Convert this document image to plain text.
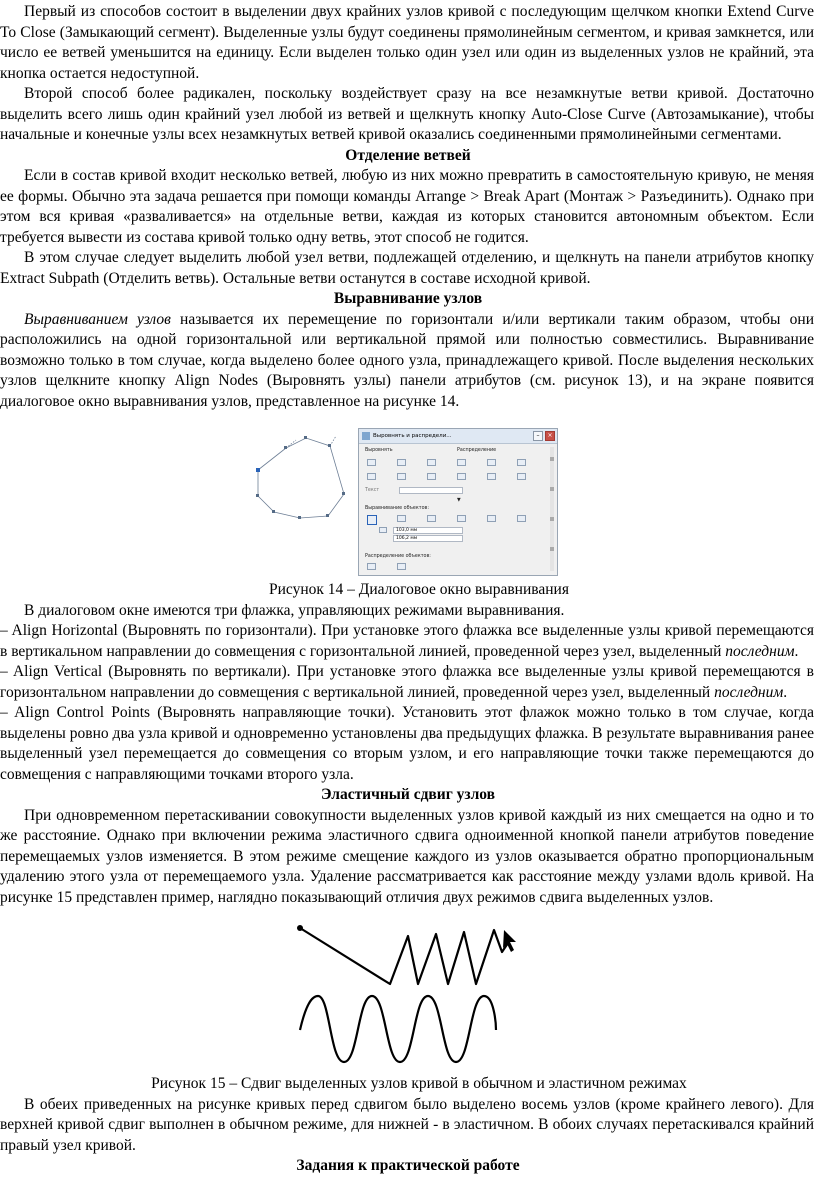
Первый из способов состоит в выделении двух крайних узлов кривой с последующим щелчком кнопки Extend Curve To Close (Замыкающий сегмент). Выделенные узлы будут соединены прямолинейным сегментом, и кривая замкнется, или число ее ветвей уменьшится на единицу. Если выделен только один узел или один из выделенных узлов не крайний, эта кнопка остается недоступной.

Второй способ более радикален, поскольку воздействует сразу на все незамкнутые ветви кривой. Достаточно выделить всего лишь один крайний узел любой из ветвей и щелкнуть кнопку Auto-Close Curve (Автозамыкание), чтобы начальные и конечные узлы всех незамкнутых ветвей кривой оказались соединенными прямолинейными сегментами.

Отделение ветвей

Если в состав кривой входит несколько ветвей, любую из них можно превратить в самостоятельную кривую, не меняя ее формы. Обычно эта задача решается при помощи команды Arrange > Break Apart (Монтаж > Разъединить). Однако при этом вся кривая «разваливается» на отдельные ветви, каждая из которых становится автономным объектом. Если требуется вывести из состава кривой только одну ветвь, этот способ не годится.

В этом случае следует выделить любой узел ветви, подлежащей отделению, и щелкнуть на панели атрибутов кнопку Extract Subpath (Отделить ветвь). Остальные ветви останутся в составе исходной кривой.

Выравнивание узлов

Выравниванием узлов называется их перемещение по горизонтали и/или вертикали таким образом, чтобы они расположились на одной горизонтальной или вертикальной прямой или полностью совместились. Выравнивание возможно только в том случае, когда выделено более одного узла, принадлежащего кривой. После выделения нескольких узлов щелкните кнопку Align Nodes (Выровнять узлы) панели атрибутов (см. рисунок 13), и на экране появится диалоговое окно выравнивания узлов, представленное на рисунке 14.

Выровнять и распредели...	–	×
Выровнять	Распределение
Текст
▼
Выравнивание объектов:
103,0 мм
106,2 мм
Распределение объектов:

Рисунок 14 – Диалоговое окно выравнивания

В диалоговом окне имеются три флажка, управляющих режимами выравнивания.

– Align Horizontal (Выровнять по горизонтали). При установке этого флажка все выделенные узлы кривой перемещаются в вертикальном направлении до совмещения с горизонтальной линией, проведенной через узел, выделенный последним.

– Align Vertical (Выровнять по вертикали). При установке этого флажка все выделенные узлы кривой перемещаются в горизонтальном направлении до совмещения с вертикальной линией, проведенной через узел, выделенный последним.

– Align Control Points (Выровнять направляющие точки). Установить этот флажок можно только в том случае, когда выделены ровно два узла кривой и одновременно установлены два предыдущих флажка. В результате выравнивания ранее выделенный узел перемещается до совмещения со вторым узлом, и его направляющие точки также перемещаются до совмещения с направляющими точками второго узла.

Эластичный сдвиг узлов

При одновременном перетаскивании совокупности выделенных узлов кривой каждый из них смещается на одно и то же расстояние. Однако при включении режима эластичного сдвига одноименной кнопкой панели атрибутов поведение перемещаемых узлов изменяется. В этом режиме смещение каждого из узлов оказывается обратно пропорциональным удалению этого узла от перемещаемого узла. Удаление рассматривается как расстояние между узлами вдоль кривой. На рисунке 15 представлен пример, наглядно показывающий отличия двух режимов сдвига выделенных узлов.

Рисунок 15 – Сдвиг выделенных узлов кривой в обычном и эластичном режимах

В обеих приведенных на рисунке кривых перед сдвигом было выделено восемь узлов (кроме крайнего левого). Для верхней кривой сдвиг выполнен в обычном режиме, для нижней - в эластичном. В обоих случаях перетаскивался крайний правый узел кривой.

Задания к практической работе
